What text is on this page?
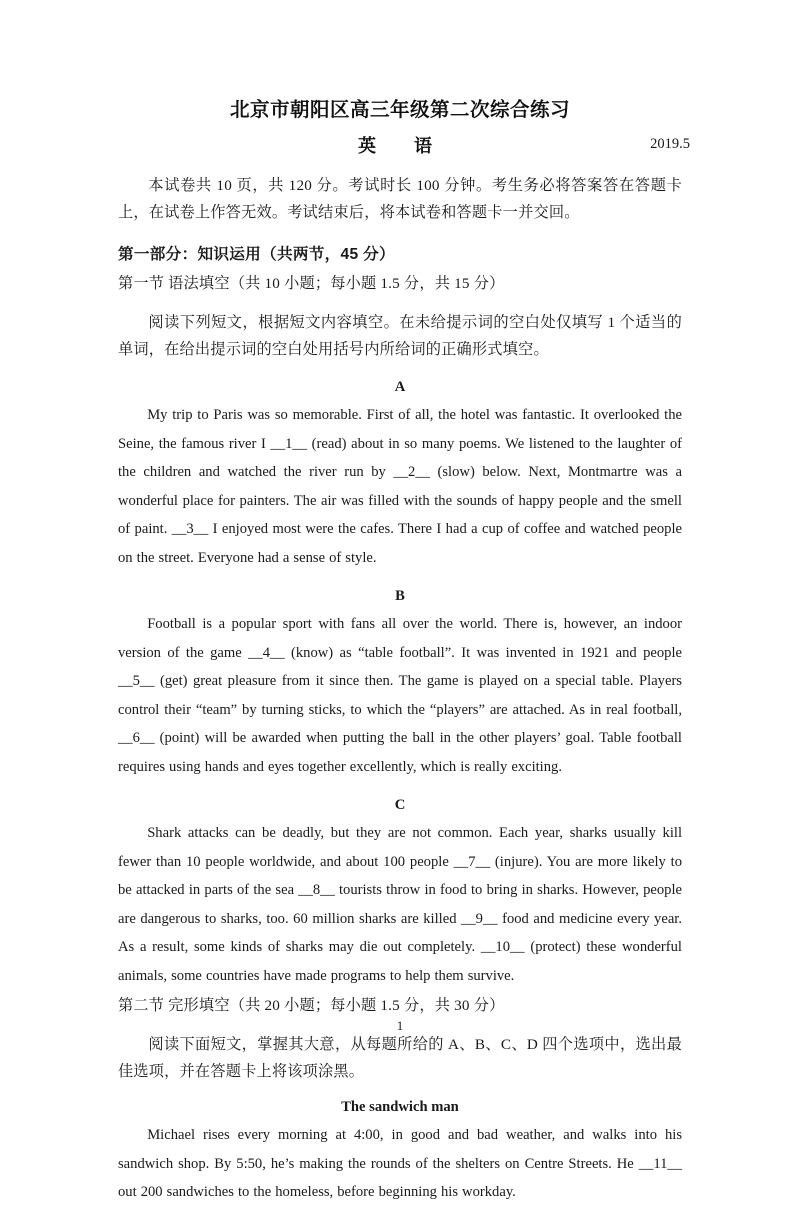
北京市朝阳区高三年级第二次综合练习
英　语	2019.5

本试卷共 10 页，共 120 分。考试时长 100 分钟。考生务必将答案答在答题卡上，在试卷上作答无效。考试结束后，将本试卷和答题卡一并交回。

第一部分：知识运用（共两节，45 分）

第一节 语法填空（共 10 小题；每小题 1.5 分，共 15 分）

阅读下列短文，根据短文内容填空。在未给提示词的空白处仅填写 1 个适当的单词，在给出提示词的空白处用括号内所给词的正确形式填空。

A

My trip to Paris was so memorable. First of all, the hotel was fantastic. It overlooked the Seine, the famous river I __1__ (read) about in so many poems. We listened to the laughter of the children and watched the river run by __2__ (slow) below. Next, Montmartre was a wonderful place for painters. The air was filled with the sounds of happy people and the smell of paint. __3__ I enjoyed most were the cafes. There I had a cup of coffee and watched people on the street. Everyone had a sense of style.

B

Football is a popular sport with fans all over the world. There is, however, an indoor version of the game __4__ (know) as “table football”. It was invented in 1921 and people __5__ (get) great pleasure from it since then. The game is played on a special table. Players control their “team” by turning sticks, to which the “players” are attached. As in real football, __6__ (point) will be awarded when putting the ball in the other players’ goal. Table football requires using hands and eyes together excellently, which is really exciting.

C

Shark attacks can be deadly, but they are not common. Each year, sharks usually kill fewer than 10 people worldwide, and about 100 people __7__ (injure). You are more likely to be attacked in parts of the sea __8__ tourists throw in food to bring in sharks. However, people are dangerous to sharks, too. 60 million sharks are killed __9__ food and medicine every year. As a result, some kinds of sharks may die out completely. __10__ (protect) these wonderful animals, some countries have made programs to help them survive.

第二节 完形填空（共 20 小题；每小题 1.5 分，共 30 分）

阅读下面短文，掌握其大意，从每题所给的 A、B、C、D 四个选项中，选出最佳选项，并在答题卡上将该项涂黑。

The sandwich man

Michael rises every morning at 4:00, in good and bad weather, and walks into his sandwich shop. By 5:50, he’s making the rounds of the shelters on Centre Streets. He __11__ out 200 sandwiches to the homeless, before beginning his workday.

1
